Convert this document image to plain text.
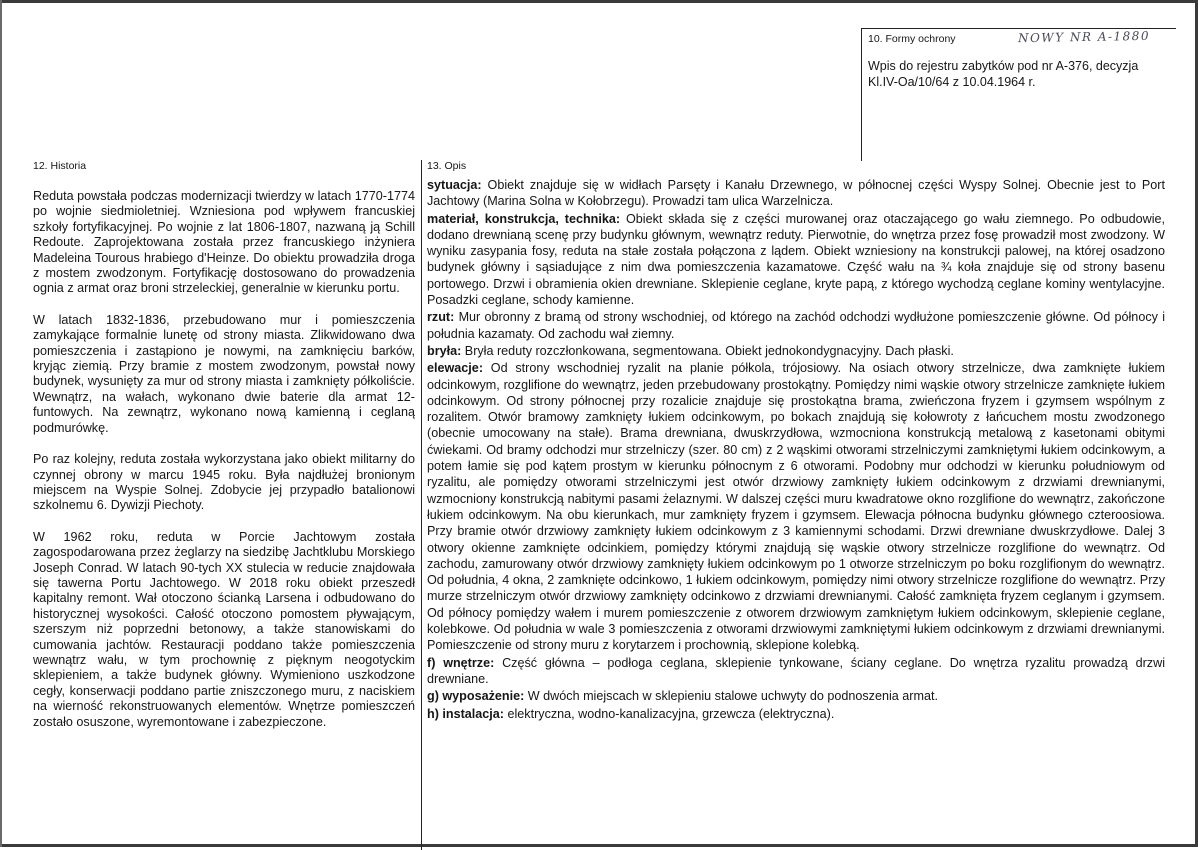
10. Formy ochrony	NOWY NR A-1880
Wpis do rejestru zabytków pod nr A-376, decyzja Kl.IV-Oa/10/64 z 10.04.1964 r.
12. Historia

Reduta powstała podczas modernizacji twierdzy w latach 1770-1774 po wojnie siedmioletniej. Wzniesiona pod wpływem francuskiej szkoły fortyfikacyjnej. Po wojnie z lat 1806-1807, nazwaną ją Schill Redoute. Zaprojektowana została przez francuskiego inżyniera Madeleina Tourous hrabiego d'Heinze. Do obiektu prowadziła droga z mostem zwodzonym. Fortyfikację dostosowano do prowadzenia ognia z armat oraz broni strzeleckiej, generalnie w kierunku portu.

W latach 1832-1836, przebudowano mur i pomieszczenia zamykające formalnie lunetę od strony miasta. Zlikwidowano dwa pomieszczenia i zastąpiono je nowymi, na zamknięciu barków, kryjąc ziemią. Przy bramie z mostem zwodzonym, powstał nowy budynek, wysunięty za mur od strony miasta i zamknięty półkoliście. Wewnątrz, na wałach, wykonano dwie baterie dla armat 12-funtowych. Na zewnątrz, wykonano nową kamienną i ceglaną podmurówkę.

Po raz kolejny, reduta została wykorzystana jako obiekt militarny do czynnej obrony w marcu 1945 roku. Była najdłużej bronionym miejscem na Wyspie Solnej. Zdobycie jej przypadło batalionowi szkolnemu 6. Dywizji Piechoty.

W 1962 roku, reduta w Porcie Jachtowym została zagospodarowana przez żeglarzy na siedzibę Jachtklubu Morskiego Joseph Conrad. W latach 90-tych XX stulecia w reducie znajdowała się tawerna Portu Jachtowego. W 2018 roku obiekt przeszedł kapitalny remont. Wał otoczono ścianką Larsena i odbudowano do historycznej wysokości. Całość otoczono pomostem pływającym, szerszym niż poprzedni betonowy, a także stanowiskami do cumowania jachtów. Restauracji poddano także pomieszczenia wewnątrz wału, w tym prochownię z pięknym neogotyckim sklepieniem, a także budynek główny. Wymieniono uszkodzone cegły, konserwacji poddano partie zniszczonego muru, z naciskiem na wierność rekonstruowanych elementów. Wnętrze pomieszczeń zostało osuszone, wyremontowane i zabezpieczone.

13. Opis
sytuacja: Obiekt znajduje się w widłach Parsęty i Kanału Drzewnego, w północnej części Wyspy Solnej. Obecnie jest to Port Jachtowy (Marina Solna w Kołobrzegu). Prowadzi tam ulica Warzelnicza.
materiał, konstrukcja, technika: Obiekt składa się z części murowanej oraz otaczającego go wału ziemnego. Po odbudowie, dodano drewnianą scenę przy budynku głównym, wewnątrz reduty. Pierwotnie, do wnętrza przez fosę prowadził most zwodzony. W wyniku zasypania fosy, reduta na stałe została połączona z lądem. Obiekt wzniesiony na konstrukcji palowej, na której osadzono budynek główny i sąsiadujące z nim dwa pomieszczenia kazamatowe. Część wału na ¾ koła znajduje się od strony basenu portowego. Drzwi i obramienia okien drewniane. Sklepienie ceglane, kryte papą, z którego wychodzą ceglane kominy wentylacyjne. Posadzki ceglane, schody kamienne.
rzut: Mur obronny z bramą od strony wschodniej, od którego na zachód odchodzi wydłużone pomieszczenie główne. Od północy i południa kazamaty. Od zachodu wał ziemny.
bryła: Bryła reduty rozczłonkowana, segmentowana. Obiekt jednokondygnacyjny. Dach płaski.
elewacje: Od strony wschodniej ryzalit na planie półkola, trójosiowy. Na osiach otwory strzelnicze, dwa zamknięte łukiem odcinkowym, rozglifione do wewnątrz, jeden przebudowany prostokątny. Pomiędzy nimi wąskie otwory strzelnicze zamknięte łukiem odcinkowym. Od strony północnej przy rozalicie znajduje się prostokątna brama, zwieńczona fryzem i gzymsem wspólnym z rozalitem. Otwór bramowy zamknięty łukiem odcinkowym, po bokach znajdują się kołowroty z łańcuchem mostu zwodzonego (obecnie umocowany na stałe). Brama drewniana, dwuskrzydłowa, wzmocniona konstrukcją metalową z kasetonami obitymi ćwiekami. Od bramy odchodzi mur strzelniczy (szer. 80 cm) z 2 wąskimi otworami strzelniczymi zamkniętymi łukiem odcinkowym, a potem łamie się pod kątem prostym w kierunku północnym z 6 otworami. Podobny mur odchodzi w kierunku południowym od ryzalitu, ale pomiędzy otworami strzelniczymi jest otwór drzwiowy zamknięty łukiem odcinkowym z drzwiami drewnianymi, wzmocniony konstrukcją nabitymi pasami żelaznymi. W dalszej części muru kwadratowe okno rozglifione do wewnątrz, zakończone łukiem odcinkowym. Na obu kierunkach, mur zamknięty fryzem i gzymsem. Elewacja północna budynku głównego czteroosiowa. Przy bramie otwór drzwiowy zamknięty łukiem odcinkowym z 3 kamiennymi schodami. Drzwi drewniane dwuskrzydłowe. Dalej 3 otwory okienne zamknięte odcinkiem, pomiędzy którymi znajdują się wąskie otwory strzelnicze rozglifione do wewnątrz. Od zachodu, zamurowany otwór drzwiowy zamknięty łukiem odcinkowym po 1 otworze strzelniczym po boku rozglifionym do wewnątrz. Od południa, 4 okna, 2 zamknięte odcinkowo, 1 łukiem odcinkowym, pomiędzy nimi otwory strzelnicze rozglifione do wewnątrz. Przy murze strzelniczym otwór drzwiowy zamknięty odcinkowo z drzwiami drewnianymi. Całość zamknięta fryzem ceglanym i gzymsem. Od północy pomiędzy wałem i murem pomieszczenie z otworem drzwiowym zamkniętym łukiem odcinkowym, sklepienie ceglane, kolebkowe. Od południa w wale 3 pomieszczenia z otworami drzwiowymi zamkniętymi łukiem odcinkowym z drzwiami drewnianymi. Pomieszczenie od strony muru z korytarzem i prochownią, sklepione kolebką.
f) wnętrze: Część główna – podłoga ceglana, sklepienie tynkowane, ściany ceglane. Do wnętrza ryzalitu prowadzą drzwi drewniane.
g) wyposażenie: W dwóch miejscach w sklepieniu stalowe uchwyty do podnoszenia armat.
h) instalacja: elektryczna, wodno-kanalizacyjna, grzewcza (elektryczna).
